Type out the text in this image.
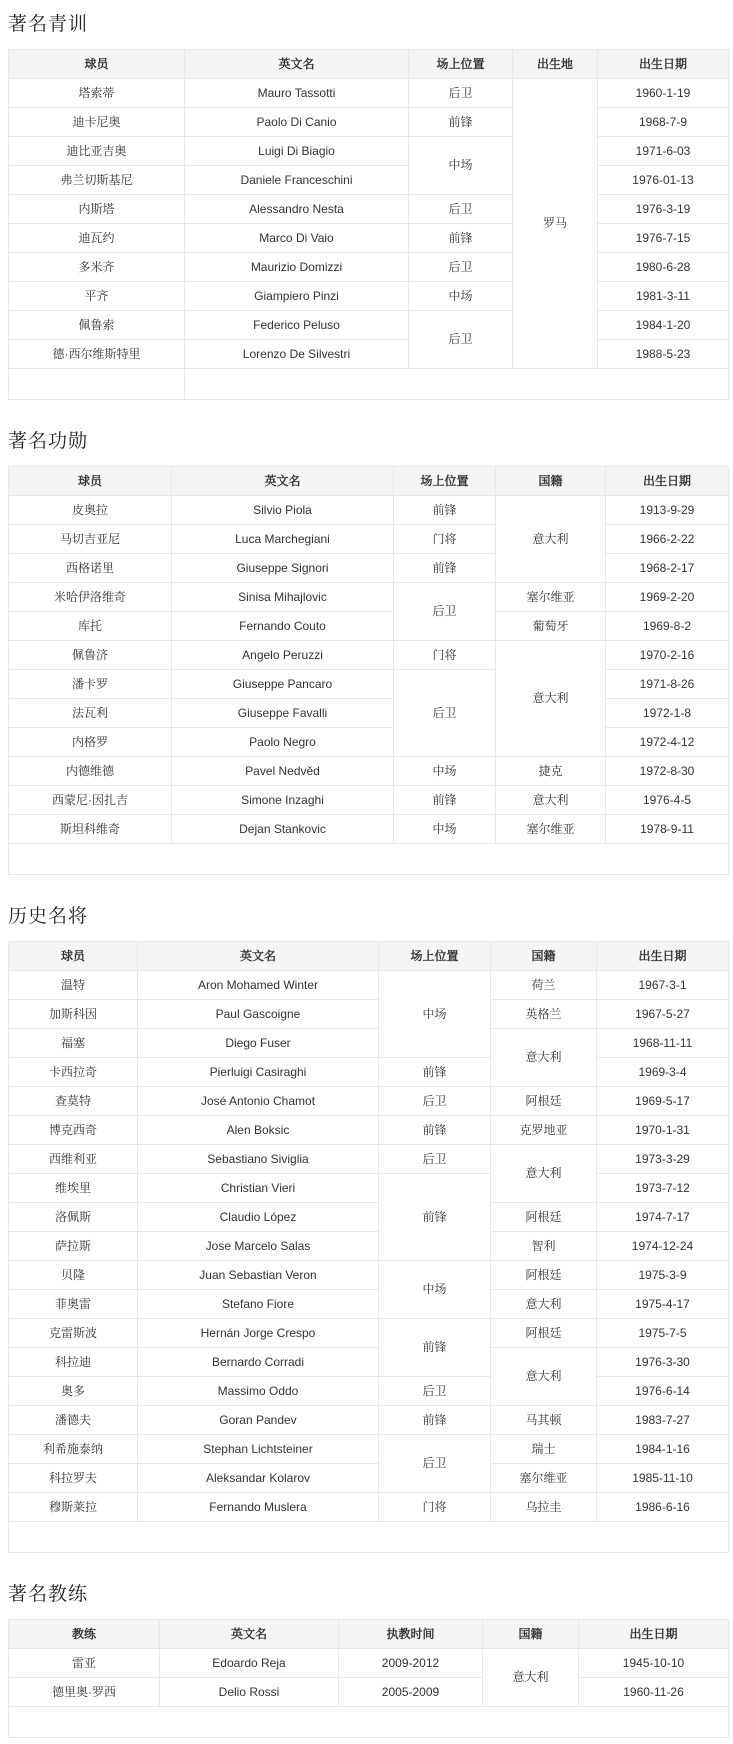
著名青训
球员	英文名	场上位置	出生地	出生日期
塔索蒂	Mauro Tassotti	后卫	罗马	1960-1-19
迪卡尼奥	Paolo Di Canio	前锋		1968-7-9
迪比亚吉奥	Luigi Di Biagio	中场		1971-6-03
弗兰切斯基尼	Daniele Franceschini			1976-01-13
内斯塔	Alessandro Nesta	后卫		1976-3-19
迪瓦约	Marco Di Vaio	前锋		1976-7-15
多米齐	Maurizio Domizzi	后卫		1980-6-28
平齐	Giampiero Pinzi	中场		1981-3-11
佩鲁索	Federico Peluso	后卫		1984-1-20
德·西尔维斯特里	Lorenzo De Silvestri			1988-5-23

著名功勋
球员	英文名	场上位置	国籍	出生日期
皮奥拉	Silvio Piola	前锋	意大利	1913-9-29
马切吉亚尼	Luca Marchegiani	门将		1966-2-22
西格诺里	Giuseppe Signori	前锋		1968-2-17
米哈伊洛维奇	Sinisa Mihajlovic	后卫	塞尔维亚	1969-2-20
库托	Fernando Couto		葡萄牙	1969-8-2
佩鲁济	Angelo Peruzzi	门将	意大利	1970-2-16
潘卡罗	Giuseppe Pancaro	后卫		1971-8-26
法瓦利	Giuseppe Favalli			1972-1-8
内格罗	Paolo Negro			1972-4-12
内德维德	Pavel Nedvěd	中场	捷克	1972-8-30
西蒙尼·因扎吉	Simone Inzaghi	前锋	意大利	1976-4-5
斯坦科维奇	Dejan Stankovic	中场	塞尔维亚	1978-9-11

历史名将
球员	英文名	场上位置	国籍	出生日期
温特	Aron Mohamed Winter	中场	荷兰	1967-3-1
加斯科因	Paul Gascoigne		英格兰	1967-5-27
福塞	Diego Fuser		意大利	1968-11-11
卡西拉奇	Pierluigi Casiraghi	前锋		1969-3-4
查莫特	José Antonio Chamot	后卫	阿根廷	1969-5-17
博克西奇	Alen Boksic	前锋	克罗地亚	1970-1-31
西维利亚	Sebastiano Siviglia	后卫	意大利	1973-3-29
维埃里	Christian Vieri	前锋		1973-7-12
洛佩斯	Claudio López		阿根廷	1974-7-17
萨拉斯	Jose Marcelo Salas		智利	1974-12-24
贝隆	Juan Sebastian Veron	中场	阿根廷	1975-3-9
菲奥雷	Stefano Fiore		意大利	1975-4-17
克雷斯波	Hernán Jorge Crespo	前锋	阿根廷	1975-7-5
科拉迪	Bernardo Corradi		意大利	1976-3-30
奥多	Massimo Oddo	后卫		1976-6-14
潘德夫	Goran Pandev	前锋	马其顿	1983-7-27
利希施泰纳	Stephan Lichtsteiner	后卫	瑞士	1984-1-16
科拉罗夫	Aleksandar Kolarov		塞尔维亚	1985-11-10
穆斯莱拉	Fernando Muslera	门将	乌拉圭	1986-6-16

著名教练
教练	英文名	执教时间	国籍	出生日期
雷亚	Edoardo Reja	2009-2012	意大利	1945-10-10
德里奥·罗西	Delio Rossi	2005-2009		1960-11-26
